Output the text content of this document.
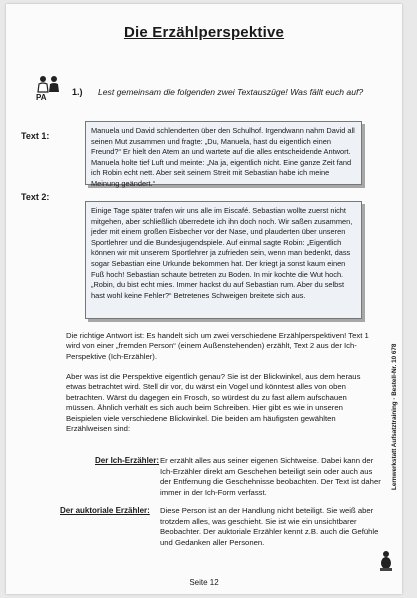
Die Erzählperspektive
PA
1.) Lest gemeinsam die folgenden zwei Textauszüge! Was fällt euch auf?
Text 1:
Manuela und David schlenderten über den Schulhof. Irgendwann nahm David all seinen Mut zusammen und fragte: „Du, Manuela, hast du eigentlich einen Freund?“ Er hielt den Atem an und wartete auf die alles entscheidende Antwort. Manuela holte tief Luft und meinte: „Na ja, eigentlich nicht. Eine ganze Zeit fand ich Robin echt nett. Aber seit seinem Streit mit Sebastian habe ich meine Meinung geändert.“
Text 2:
Einige Tage später trafen wir uns alle im Eiscafé. Sebastian wollte zuerst nicht mitgehen, aber schließlich überredete ich ihn doch noch. Wir saßen zusammen, jeder mit einem großen Eisbecher vor der Nase, und plauderten über unseren Sportlehrer und die Bundesjugendspiele. Auf einmal sagte Robin: „Eigentlich können wir mit unserem Sportlehrer ja zufrieden sein, wenn man bedenkt, dass sogar Sebastian eine Urkunde bekommen hat. Der kriegt ja sonst kaum einen Fuß hoch! Sebastian schaute betreten zu Boden. In mir kochte die Wut hoch. „Robin, du bist echt mies. Immer hackst du auf Sebastian rum. Aber du selbst hast wohl keine Fehler?“ Betretenes Schweigen breitete sich aus.
Die richtige Antwort ist: Es handelt sich um zwei verschiedene Erzählperspektiven! Text 1 wird von einer „fremden Person“ (einem Außenstehenden) erzählt, Text 2 aus der Ich-Perspektive (Ich-Erzähler).
Aber was ist die Perspektive eigentlich genau? Sie ist der Blickwinkel, aus dem heraus etwas betrachtet wird. Stell dir vor, du wärst ein Vogel und könntest alles von oben betrachten. Wärst du dagegen ein Frosch, so würdest du zu fast allem aufschauen müssen. Ähnlich verhält es sich auch beim Schreiben. Hier gibt es wie in unseren Beispielen viele verschiedene Blickwinkel. Die beiden am häufigsten gewählten Erzählweisen sind:
Der Ich-Erzähler: Er erzählt alles aus seiner eigenen Sichtweise. Dabei kann der Ich-Erzähler direkt am Geschehen beteiligt sein oder auch aus der Entfernung die Geschehnisse beobachten. Der Text ist daher immer in der Ich-Form verfasst.
Der auktoriale Erzähler: Diese Person ist an der Handlung nicht beteiligt. Sie weiß aber trotzdem alles, was geschieht. Sie ist wie ein unsichtbarer Beobachter. Der auktoriale Erzähler kennt z.B. auch die Gefühle und Gedanken aller Personen.
Lernwerkstatt Aufsatztraining · Bestell-Nr. 10 678
Seite 12
